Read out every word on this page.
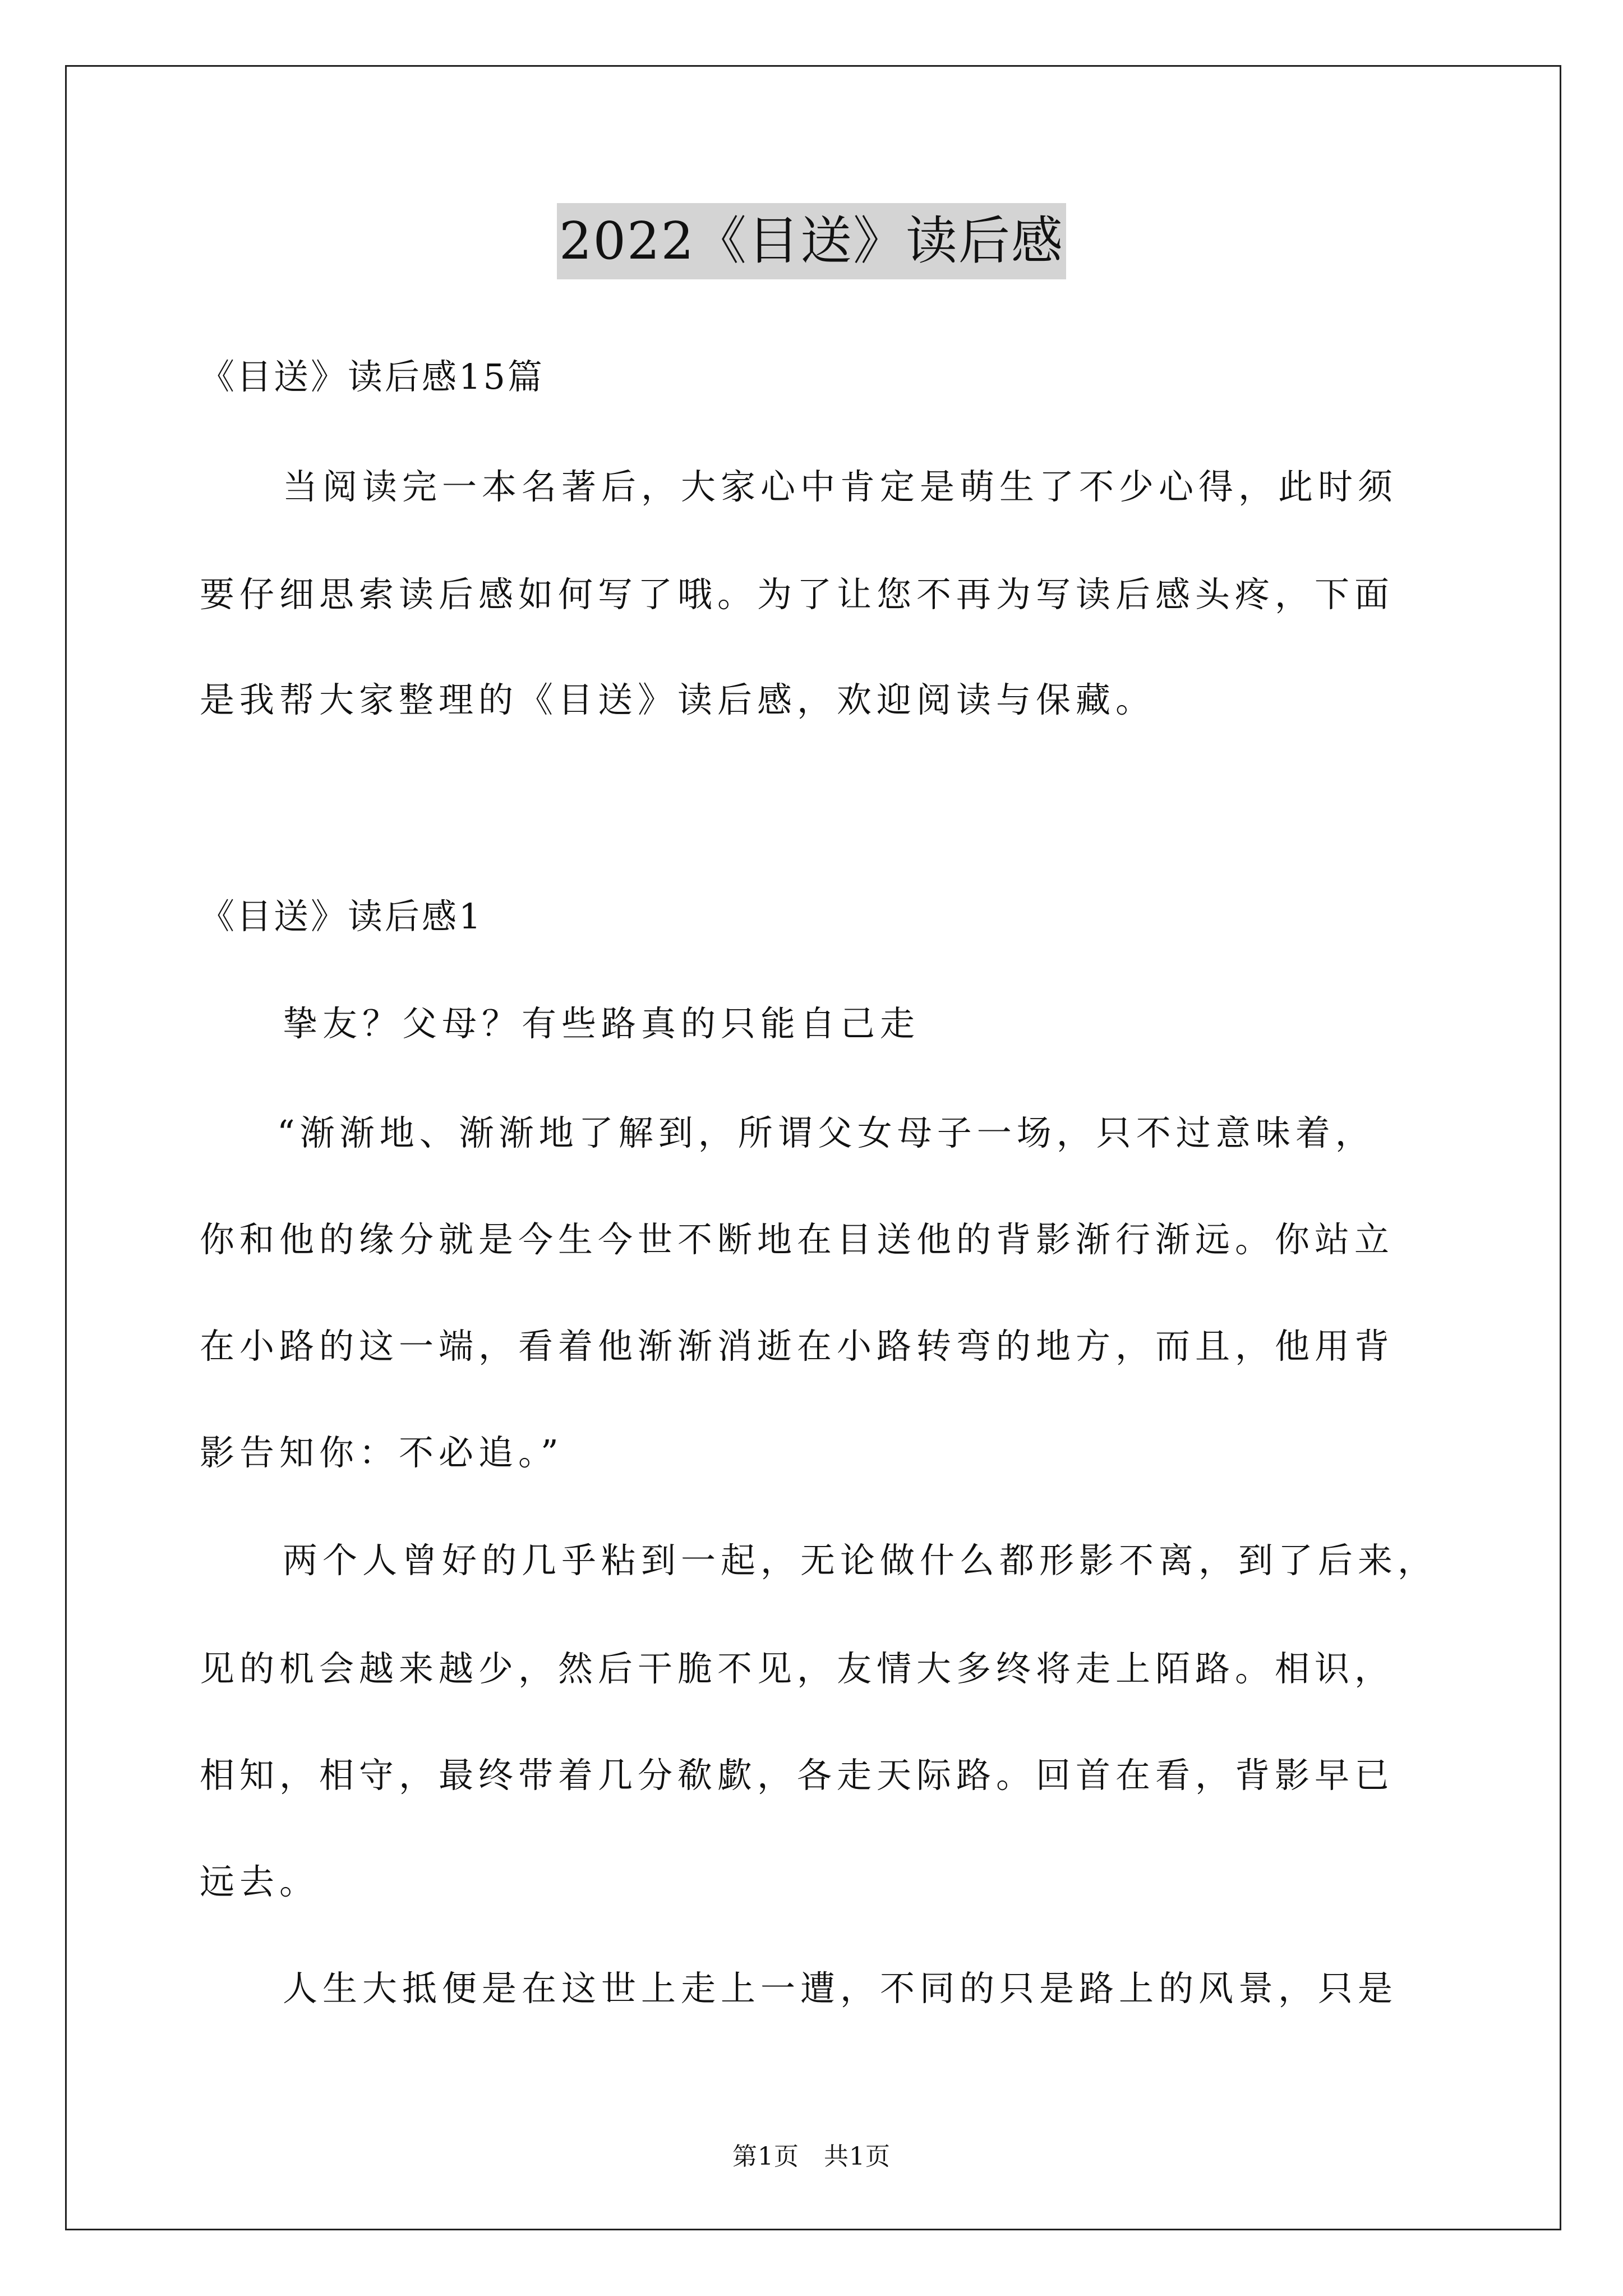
2022《目送》读后感
《目送》读后感15篇
当阅读完一本名著后，大家心中肯定是萌生了不少心得，此时须
要仔细思索读后感如何写了哦。为了让您不再为写读后感头疼，下面
是我帮大家整理的《目送》读后感，欢迎阅读与保藏。
《目送》读后感1
挚友？父母？有些路真的只能自己走
“渐渐地、渐渐地了解到，所谓父女母子一场，只不过意味着，
你和他的缘分就是今生今世不断地在目送他的背影渐行渐远。你站立
在小路的这一端，看着他渐渐消逝在小路转弯的地方，而且，他用背
影告知你：不必追。”
两个人曾好的几乎粘到一起，无论做什么都形影不离，到了后来，
见的机会越来越少，然后干脆不见，友情大多终将走上陌路。相识，
相知，相守，最终带着几分欷歔，各走天际路。回首在看，背影早已
远去。
人生大抵便是在这世上走上一遭，不同的只是路上的风景，只是
第1页 共1页
